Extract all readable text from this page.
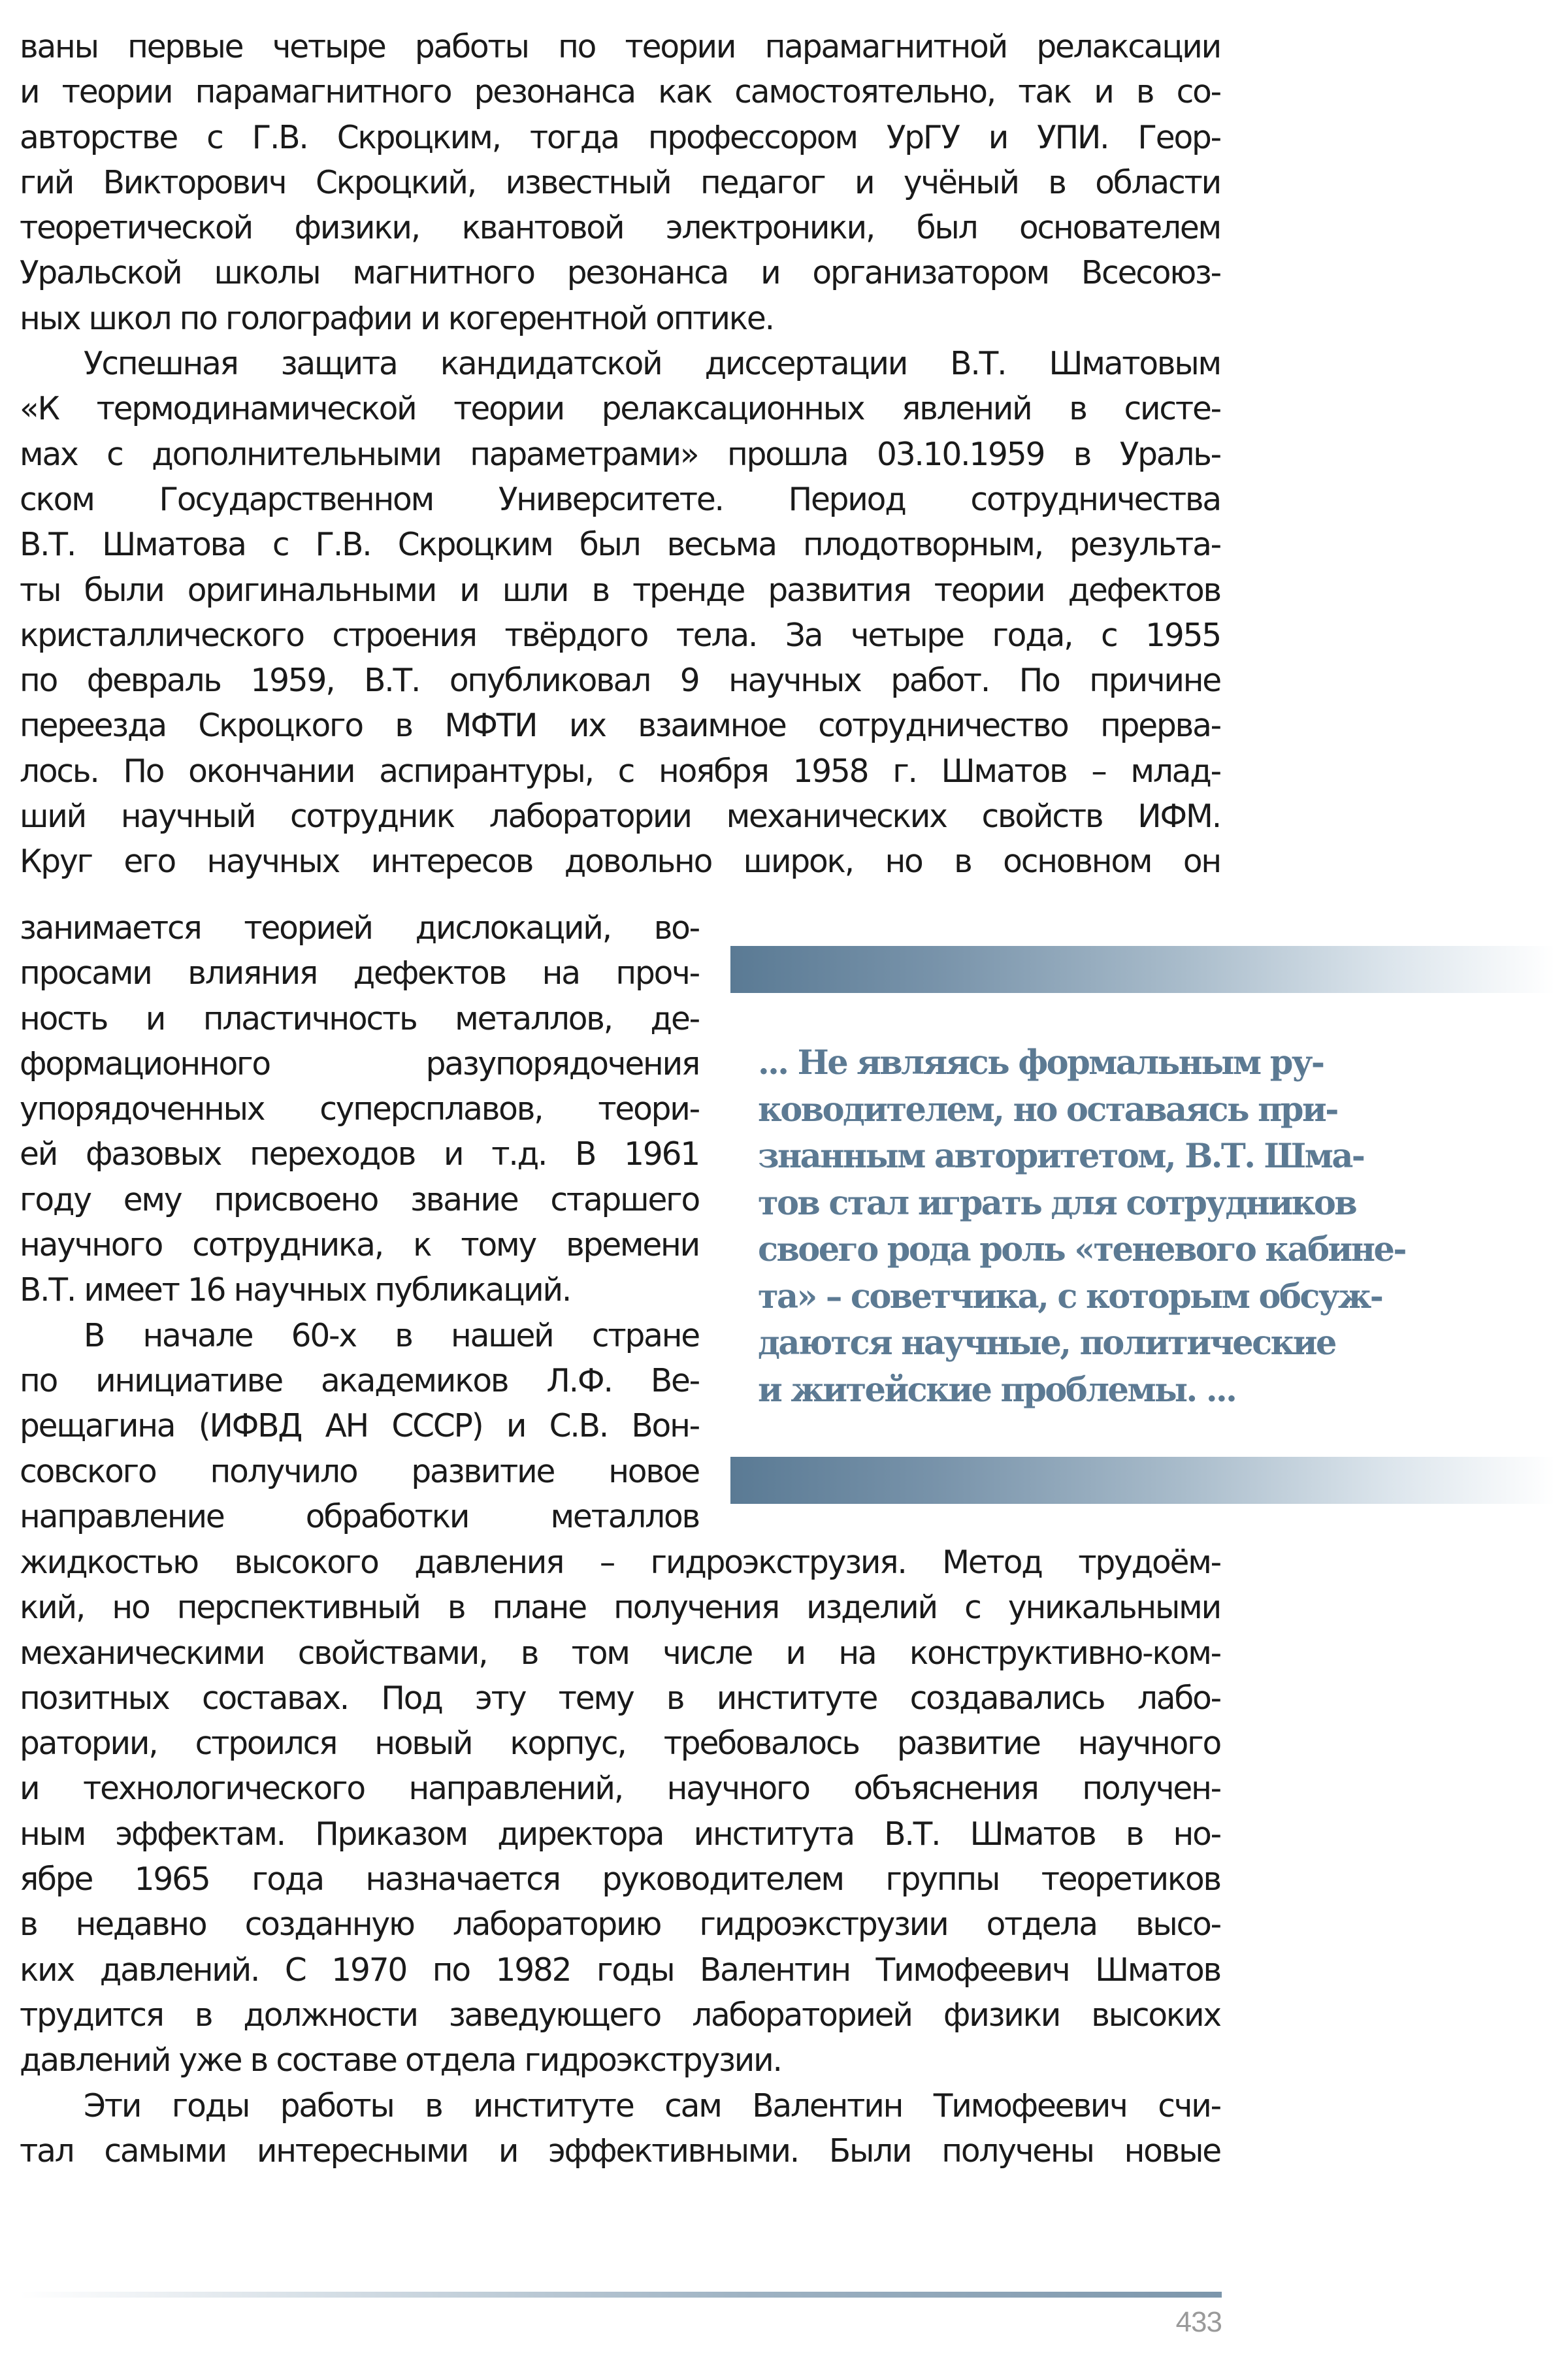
ваны первые четыре работы по теории парамагнитной релаксации
и теории парамагнитного резонанса как самостоятельно, так и в со-
авторстве с Г.В. Скроцким, тогда профессором УрГУ и УПИ. Геор-
гий Викторович Скроцкий, известный педагог и учёный в области
теоретической физики, квантовой электроники, был основателем
Уральской школы магнитного резонанса и организатором Всесоюз-
ных школ по голографии и когерентной оптике.
Успешная защита кандидатской диссертации В.Т. Шматовым
«К термодинамической теории релаксационных явлений в систе-
мах с дополнительными параметрами» прошла 03.10.1959 в Ураль-
ском Государственном Университете. Период сотрудничества
В.Т. Шматова с Г.В. Скроцким был весьма плодотворным, результа-
ты были оригинальными и шли в тренде развития теории дефектов
кристаллического строения твёрдого тела. За четыре года, с 1955
по февраль 1959, В.Т. опубликовал 9 научных работ. По причине
переезда Скроцкого в МФТИ их взаимное сотрудничество прерва-
лось. По окончании аспирантуры, с ноября 1958 г. Шматов – млад-
ший научный сотрудник лаборатории механических свойств ИФМ.
Круг его научных интересов довольно широк, но в основном он
занимается теорией дислокаций, во-
просами влияния дефектов на проч-
ность и пластичность металлов, де-
формационного разупорядочения
упорядоченных суперсплавов, теори-
ей фазовых переходов и т.д. В 1961
году ему присвоено звание старшего
научного сотрудника, к тому времени
В.Т. имеет 16 научных публикаций.
В начале 60-х в нашей стране
по инициативе академиков Л.Ф. Ве-
рещагина (ИФВД АН СССР) и С.В. Вон-
совского получило развитие новое
направление обработки металлов
... Не являясь формальным ру-
ководителем, но оставаясь при-
знанным авторитетом, В.Т. Шма-
тов стал играть для сотрудников
своего рода роль «теневого кабине-
та» – советчика, с которым обсуж-
даются научные, политические
и житейские проблемы. ...
жидкостью высокого давления – гидроэкструзия. Метод трудоём-
кий, но перспективный в плане получения изделий с уникальными
механическими свойствами, в том числе и на конструктивно-ком-
позитных составах. Под эту тему в институте создавались лабо-
ратории, строился новый корпус, требовалось развитие научного
и технологического направлений, научного объяснения получен-
ным эффектам. Приказом директора института В.Т. Шматов в но-
ябре 1965 года назначается руководителем группы теоретиков
в недавно созданную лабораторию гидроэкструзии отдела высо-
ких давлений. С 1970 по 1982 годы Валентин Тимофеевич Шматов
трудится в должности заведующего лабораторией физики высоких
давлений уже в составе отдела гидроэкструзии.
Эти годы работы в институте сам Валентин Тимофеевич счи-
тал самыми интересными и эффективными. Были получены новые
433
